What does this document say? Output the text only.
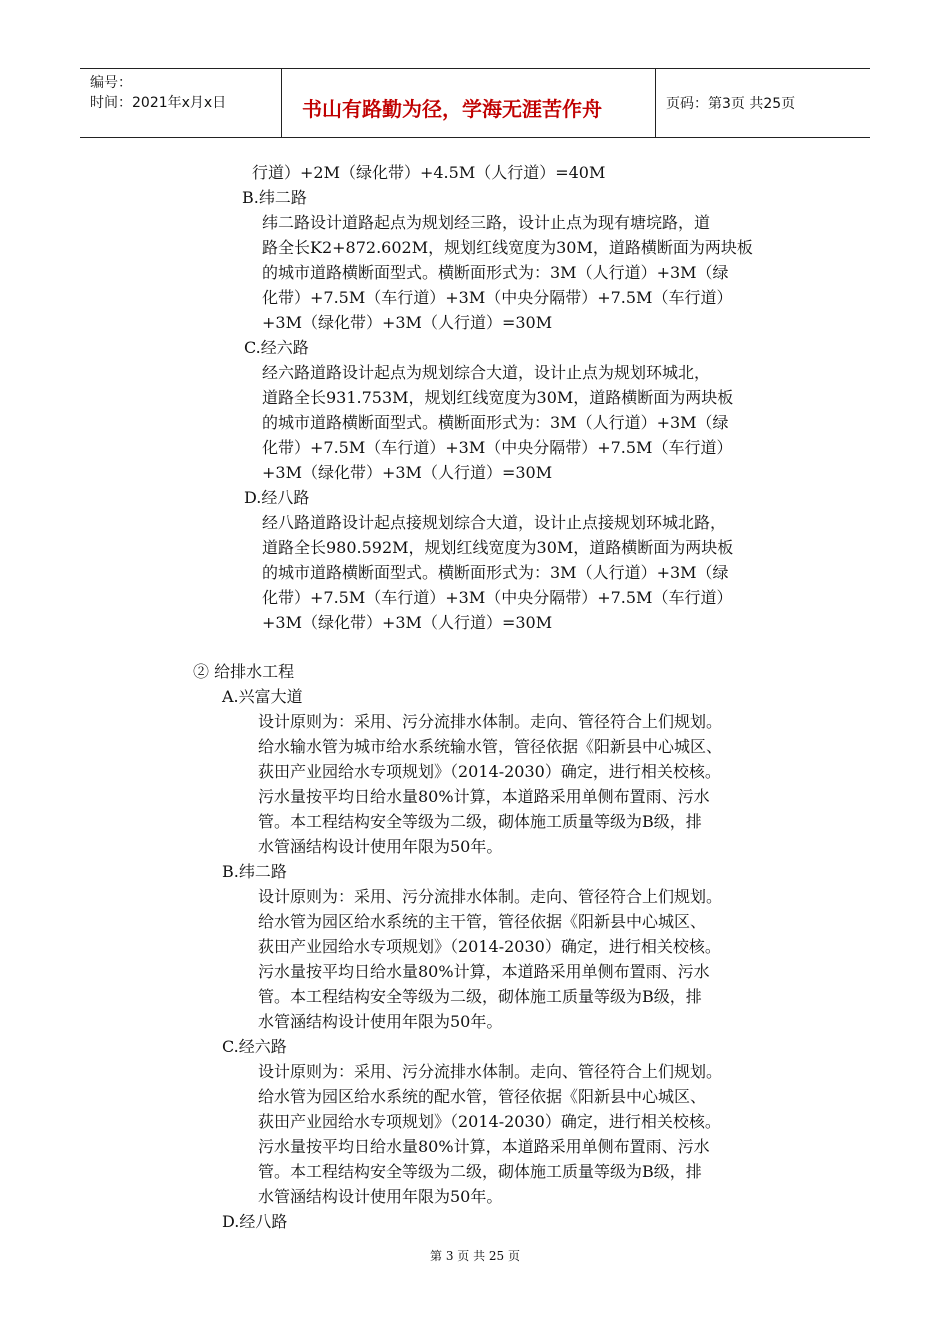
编号：
时间：2021年x月x日	书山有路勤为径，学海无涯苦作舟	页码：第3页 共25页
行道）+2M（绿化带）+4.5M（人行道）=40M
B.纬二路
纬二路设计道路起点为规划经三路，设计止点为现有塘垸路，道
路全长K2+872.602M，规划红线宽度为30M，道路横断面为两块板
的城市道路横断面型式。横断面形式为：3M（人行道）+3M（绿
化带）+7.5M（车行道）+3M（中央分隔带）+7.5M（车行道）
+3M（绿化带）+3M（人行道）=30M
C.经六路
经六路道路设计起点为规划综合大道，设计止点为规划环城北，
道路全长931.753M，规划红线宽度为30M，道路横断面为两块板
的城市道路横断面型式。横断面形式为：3M（人行道）+3M（绿
化带）+7.5M（车行道）+3M（中央分隔带）+7.5M（车行道）
+3M（绿化带）+3M（人行道）=30M
D.经八路
经八路道路设计起点接规划综合大道，设计止点接规划环城北路，
道路全长980.592M，规划红线宽度为30M，道路横断面为两块板
的城市道路横断面型式。横断面形式为：3M（人行道）+3M（绿
化带）+7.5M（车行道）+3M（中央分隔带）+7.5M（车行道）
+3M（绿化带）+3M（人行道）=30M
② 给排水工程
A.兴富大道
设计原则为：采用、污分流排水体制。走向、管径符合上们规划。
给水输水管为城市给水系统输水管，管径依据《阳新县中心城区、
荻田产业园给水专项规划》（2014-2030）确定，进行相关校核。
污水量按平均日给水量80%计算，本道路采用单侧布置雨、污水
管。本工程结构安全等级为二级，砌体施工质量等级为B级，排
水管涵结构设计使用年限为50年。
B.纬二路
设计原则为：采用、污分流排水体制。走向、管径符合上们规划。
给水管为园区给水系统的主干管，管径依据《阳新县中心城区、
荻田产业园给水专项规划》（2014-2030）确定，进行相关校核。
污水量按平均日给水量80%计算，本道路采用单侧布置雨、污水
管。本工程结构安全等级为二级，砌体施工质量等级为B级，排
水管涵结构设计使用年限为50年。
C.经六路
设计原则为：采用、污分流排水体制。走向、管径符合上们规划。
给水管为园区给水系统的配水管，管径依据《阳新县中心城区、
荻田产业园给水专项规划》（2014-2030）确定，进行相关校核。
污水量按平均日给水量80%计算，本道路采用单侧布置雨、污水
管。本工程结构安全等级为二级，砌体施工质量等级为B级，排
水管涵结构设计使用年限为50年。
D.经八路
第 3 页 共 25 页
